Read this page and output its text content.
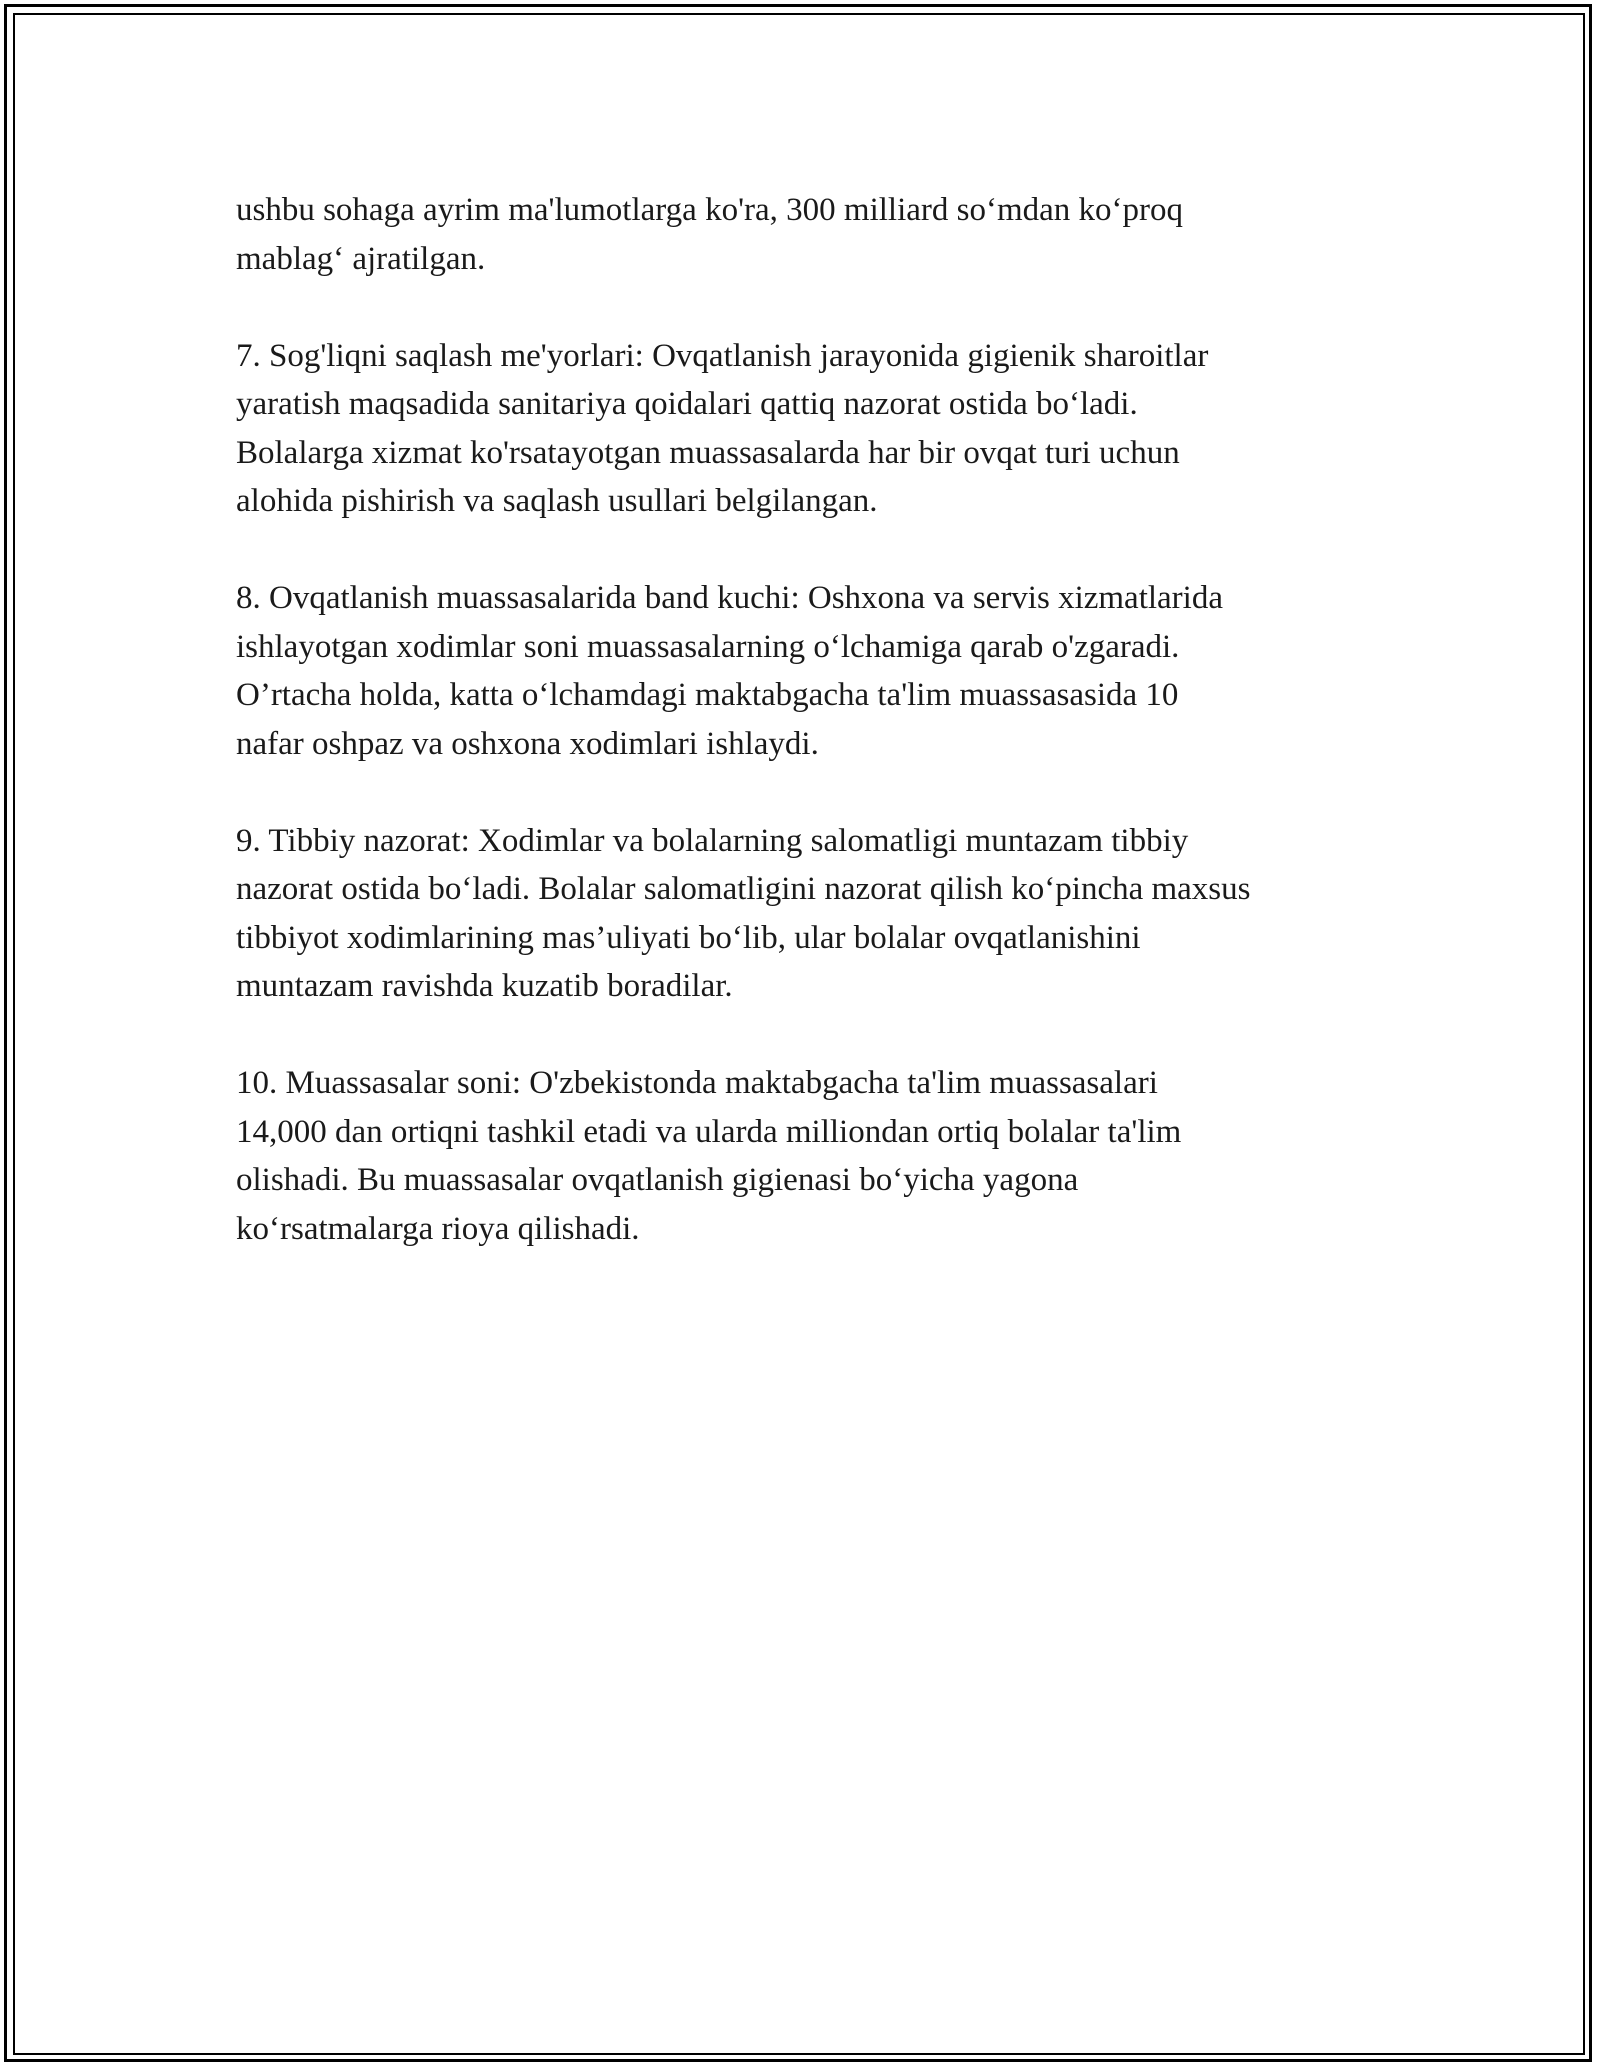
ushbu sohaga ayrim ma'lumotlarga ko'ra, 300 milliard so‘mdan ko‘proq
mablag‘ ajratilgan.

7. Sog'liqni saqlash me'yorlari: Ovqatlanish jarayonida gigienik sharoitlar
yaratish maqsadida sanitariya qoidalari qattiq nazorat ostida bo‘ladi.
Bolalarga xizmat ko'rsatayotgan muassasalarda har bir ovqat turi uchun
alohida pishirish va saqlash usullari belgilangan.

8. Ovqatlanish muassasalarida band kuchi: Oshxona va servis xizmatlarida
ishlayotgan xodimlar soni muassasalarning o‘lchamiga qarab o'zgaradi.
O’rtacha holda, katta o‘lchamdagi maktabgacha ta'lim muassasasida 10
nafar oshpaz va oshxona xodimlari ishlaydi.

9. Tibbiy nazorat: Xodimlar va bolalarning salomatligi muntazam tibbiy
nazorat ostida bo‘ladi. Bolalar salomatligini nazorat qilish ko‘pincha maxsus
tibbiyot xodimlarining mas’uliyati bo‘lib, ular bolalar ovqatlanishini
muntazam ravishda kuzatib boradilar.

10. Muassasalar soni: O'zbekistonda maktabgacha ta'lim muassasalari
14,000 dan ortiqni tashkil etadi va ularda milliondan ortiq bolalar ta'lim
olishadi. Bu muassasalar ovqatlanish gigienasi bo‘yicha yagona
ko‘rsatmalarga rioya qilishadi.
